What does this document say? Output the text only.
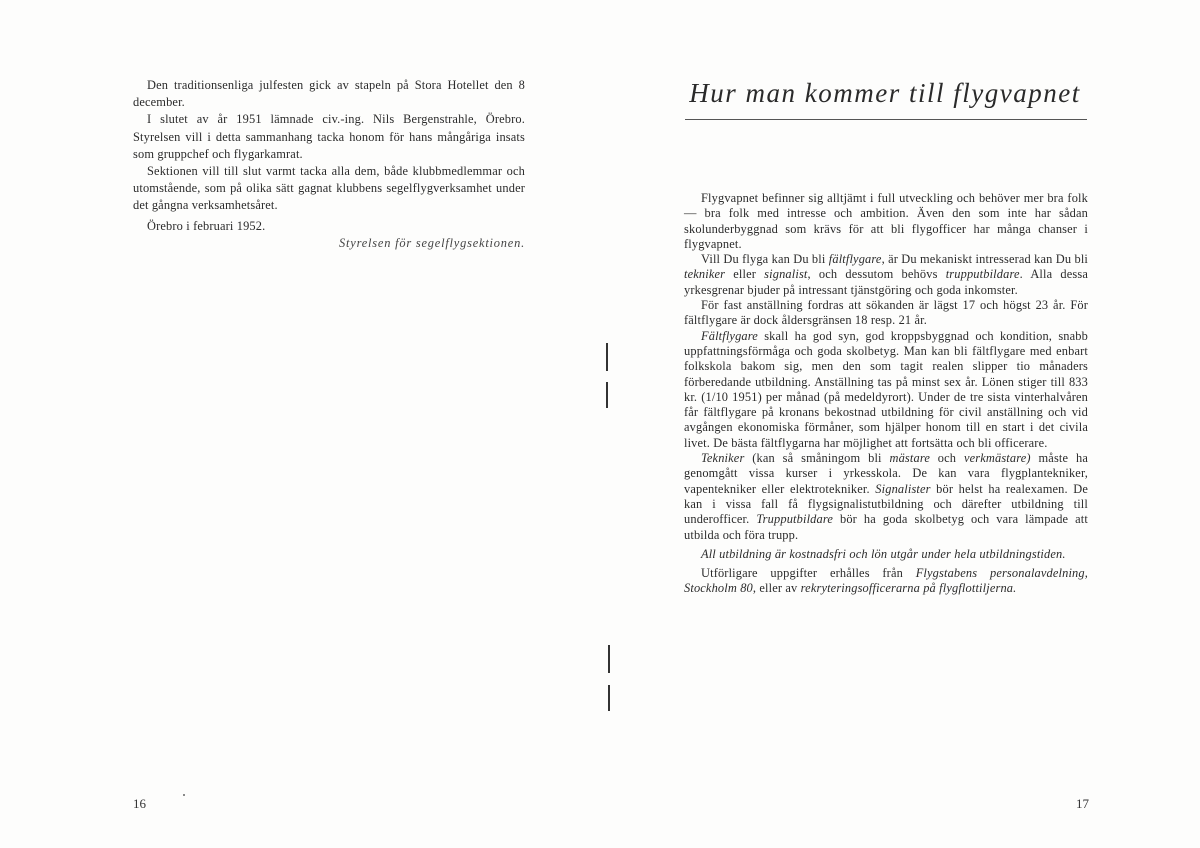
Den traditionsenliga julfesten gick av stapeln på Stora Hotellet den 8 december.

I slutet av år 1951 lämnade civ.-ing. Nils Bergenstrahle, Örebro. Styrelsen vill i detta sammanhang tacka honom för hans mångåriga insats som gruppchef och flygarkamrat.

Sektionen vill till slut varmt tacka alla dem, både klubbmedlemmar och utomstående, som på olika sätt gagnat klubbens segelflygverksamhet under det gångna verksamhetsåret.

Örebro i februari 1952.

Styrelsen för segelflygsektionen.

16
Hur man kommer till flygvapnet

Flygvapnet befinner sig alltjämt i full utveckling och behöver mer bra folk — bra folk med intresse och ambition. Även den som inte har sådan skolunderbyggnad som krävs för att bli flygofficer har många chanser i flygvapnet.

Vill Du flyga kan Du bli fältflygare, är Du mekaniskt intresserad kan Du bli tekniker eller signalist, och dessutom behövs trupputbildare. Alla dessa yrkesgrenar bjuder på intressant tjänstgöring och goda inkomster.

För fast anställning fordras att sökanden är lägst 17 och högst 23 år. För fältflygare är dock åldersgränsen 18 resp. 21 år.

Fältflygare skall ha god syn, god kroppsbyggnad och kondition, snabb uppfattningsförmåga och goda skolbetyg. Man kan bli fältflygare med enbart folkskola bakom sig, men den som tagit realen slipper tio månaders förberedande utbildning. Anställning tas på minst sex år. Lönen stiger till 833 kr. (1/10 1951) per månad (på medeldyrort). Under de tre sista vinterhalvåren får fältflygare på kronans bekostnad utbildning för civil anställning och vid avgången ekonomiska förmåner, som hjälper honom till en start i det civila livet. De bästa fältflygarna har möjlighet att fortsätta och bli officerare.

Tekniker (kan så småningom bli mästare och verkmästare) måste ha genomgått vissa kurser i yrkesskola. De kan vara flygplantekniker, vapentekniker eller elektrotekniker. Signalister bör helst ha realexamen. De kan i vissa fall få flygsignalistutbildning och därefter utbildning till underofficer. Trupputbildare bör ha goda skolbetyg och vara lämpade att utbilda och föra trupp.

All utbildning är kostnadsfri och lön utgår under hela utbildningstiden.

Utförligare uppgifter erhålles från Flygstabens personalavdelning, Stockholm 80, eller av rekryteringsofficerarna på flygflottiljerna.

17
